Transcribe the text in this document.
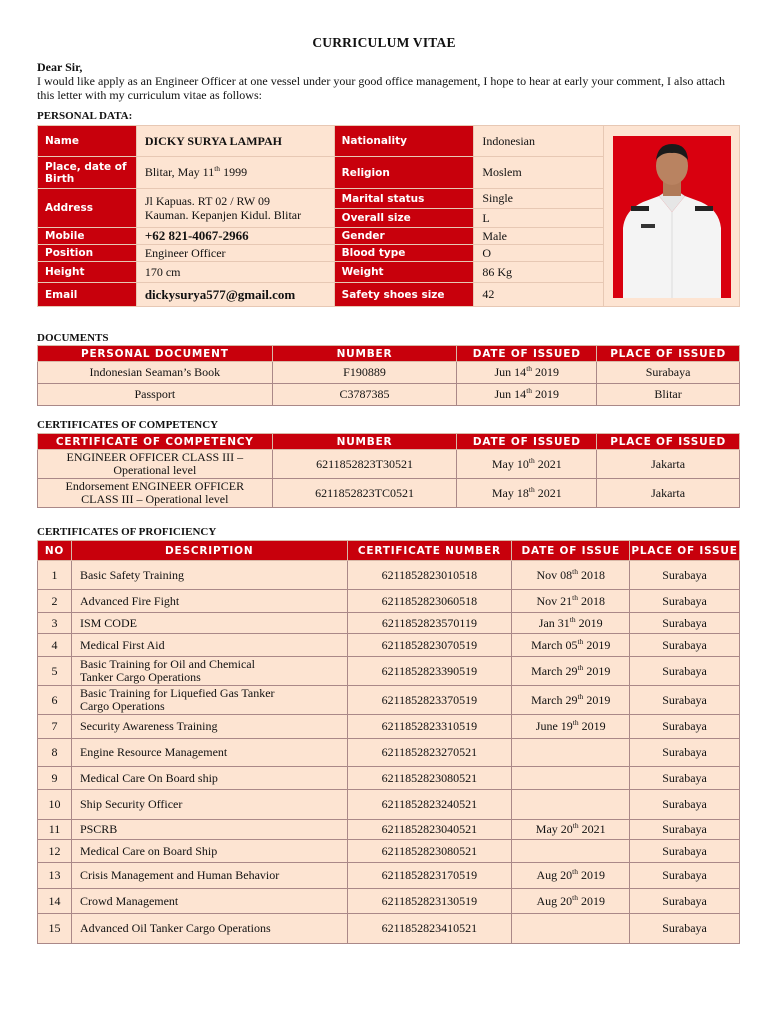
CURRICULUM VITAE
Dear Sir,
I would like apply as an Engineer Officer at one vessel under your good office management, I hope to hear at early your comment, I also attach this letter with my curriculum vitae as follows:
PERSONAL DATA:
Name	DICKY SURYA LAMPAH	Nationality	Indonesian	
Place, date of Birth	Blitar, May 11th 1999	Religion	Moslem	
Address	Jl Kapuas. RT 02 / RW 09
Kauman. Kepanjen Kidul. Blitar	Marital status	Single	
		Overall size	L	
Mobile	+62 821-4067-2966	Gender	Male	
Position	Engineer Officer	Blood type	O	
Height	170 cm	Weight	86 Kg	
Email	dickysurya577@gmail.com	Safety shoes size	42	
DOCUMENTS
PERSONAL DOCUMENT	NUMBER	DATE OF ISSUED	PLACE OF ISSUED
Indonesian Seaman’s Book	F190889	Jun 14th 2019	Surabaya
Passport	C3787385	Jun 14th 2019	Blitar
CERTIFICATES OF COMPETENCY
CERTIFICATE OF COMPETENCY	NUMBER	DATE OF ISSUED	PLACE OF ISSUED
ENGINEER OFFICER CLASS III –
Operational level	6211852823T30521	May 10th 2021	Jakarta
Endorsement ENGINEER OFFICER
CLASS III – Operational level	6211852823TC0521	May 18th 2021	Jakarta
CERTIFICATES OF PROFICIENCY
NO	DESCRIPTION	CERTIFICATE NUMBER	DATE OF ISSUE	PLACE OF ISSUE
1	Basic Safety Training	6211852823010518	Nov 08th 2018	Surabaya
2	Advanced Fire Fight	6211852823060518	Nov 21th 2018	Surabaya
3	ISM CODE	6211852823570119	Jan 31th 2019	Surabaya
4	Medical First Aid	6211852823070519	March 05th 2019	Surabaya
5	Basic Training for Oil and Chemical
Tanker Cargo Operations	6211852823390519	March 29th 2019	Surabaya
6	Basic Training for Liquefied Gas Tanker
Cargo Operations	6211852823370519	March 29th 2019	Surabaya
7	Security Awareness Training	6211852823310519	June 19th 2019	Surabaya
8	Engine Resource Management	6211852823270521		Surabaya
9	Medical Care On Board ship	6211852823080521		Surabaya
10	Ship Security Officer	6211852823240521		Surabaya
11	PSCRB	6211852823040521	May 20th 2021	Surabaya
12	Medical Care on Board Ship	6211852823080521		Surabaya
13	Crisis Management and Human Behavior	6211852823170519	Aug 20th 2019	Surabaya
14	Crowd Management	6211852823130519	Aug 20th 2019	Surabaya
15	Advanced Oil Tanker Cargo Operations	6211852823410521		Surabaya
